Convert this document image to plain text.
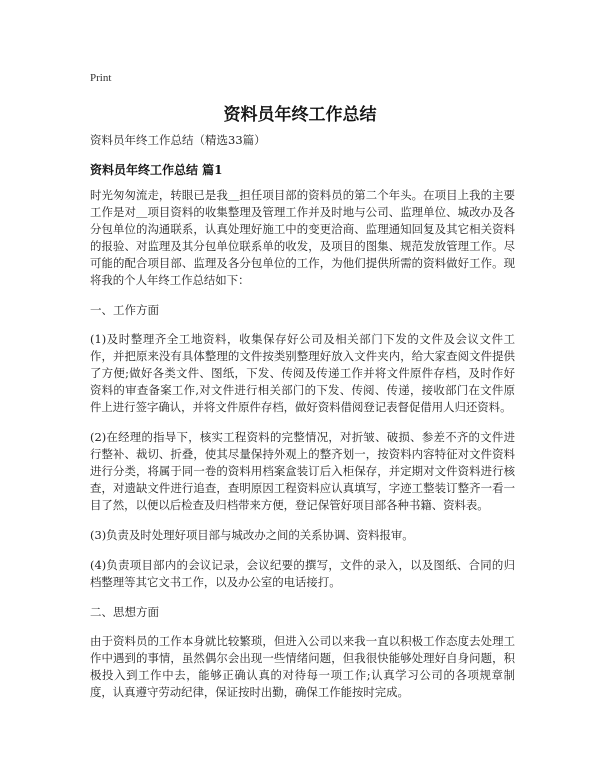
Print
资料员年终工作总结

资料员年终工作总结（精选33篇）

资料员年终工作总结 篇1

时光匆匆流走，转眼已是我＿担任项目部的资料员的第二个年头。在项目上我的主要工作是对＿项目资料的收集整理及管理工作并及时地与公司、监理单位、城改办及各分包单位的沟通联系，认真处理好施工中的变更洽商、监理通知回复及其它相关资料的报验、对监理及其分包单位联系单的收发，及项目的图集、规范发放管理工作。尽可能的配合项目部、监理及各分包单位的工作，为他们提供所需的资料做好工作。现将我的个人年终工作总结如下：

一、工作方面

(1)及时整理齐全工地资料，收集保存好公司及相关部门下发的文件及会议文件工作，并把原来没有具体整理的文件按类别整理好放入文件夹内，给大家查阅文件提供了方便;做好各类文件、图纸，下发、传阅及传递工作并将文件原件存档，及时作好资料的审查备案工作,对文件进行相关部门的下发、传阅、传递，接收部门在文件原件上进行签字确认，并将文件原件存档，做好资料借阅登记表督促借用人归还资料。

(2)在经理的指导下，核实工程资料的完整情况，对折皱、破损、参差不齐的文件进行整补、裁切、折叠，使其尽量保持外观上的整齐划一，按资料内容特征对文件资料进行分类，将属于同一卷的资料用档案盒装订后入柜保存，并定期对文件资料进行核查，对遗缺文件进行追查，查明原因工程资料应认真填写，字迹工整装订整齐一看一目了然，以便以后检查及归档带来方便，登记保管好项目部各种书籍、资料表。

(3)负责及时处理好项目部与城改办之间的关系协调、资料报审。

(4)负责项目部内的会议记录，会议纪要的撰写，文件的录入，以及图纸、合同的归档整理等其它文书工作，以及办公室的电话接打。

二、思想方面

由于资料员的工作本身就比较繁琐，但进入公司以来我一直以积极工作态度去处理工作中遇到的事情，虽然偶尔会出现一些情绪问题，但我很快能够处理好自身问题，积极投入到工作中去，能够正确认真的对待每一项工作;认真学习公司的各项规章制度，认真遵守劳动纪律，保证按时出勤，确保工作能按时完成。
